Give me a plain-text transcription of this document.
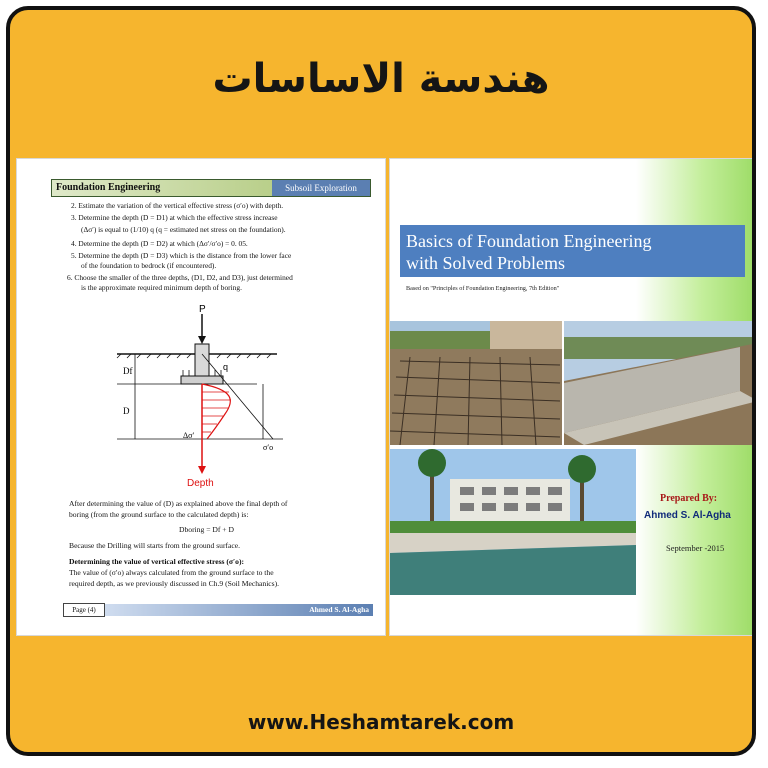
هندسة الاساسات
Foundation Engineering	Subsoil Exploration
2. Estimate the variation of the vertical effective stress (σ′o) with depth.
3. Determine the depth (D = D1) at which the effective stress increase
(Δσ′) is equal to (1/10) q (q = estimated net stress on the foundation).
4. Determine the depth (D = D2) at which (Δσ′/σ′o) = 0. 05.
5. Determine the depth (D = D3) which is the distance from the lower face
of the foundation to bedrock (if encountered).
6. Choose the smaller of the three depths, (D1, D2, and D3), just determined
is the approximate required minimum depth of boring.
P
q
Df
D
Δσ′
σ′o
Depth
After determining the value of (D) as explained above the final depth of
boring (from the ground surface to the calculated depth) is:
Dboring = Df + D
Because the Drilling will starts from the ground surface.
Determining the value of vertical effective stress (σ′o):
The value of (σ′o) always calculated from the ground surface to the
required depth, as we previously discussed in Ch.9 (Soil Mechanics).
Page (4)	Ahmed S. Al-Agha
Basics of Foundation Engineering
with Solved Problems
Based on "Principles of Foundation Engineering, 7th Edition"
Prepared By:
Ahmed S. Al-Agha
September -2015
www.Heshamtarek.com
